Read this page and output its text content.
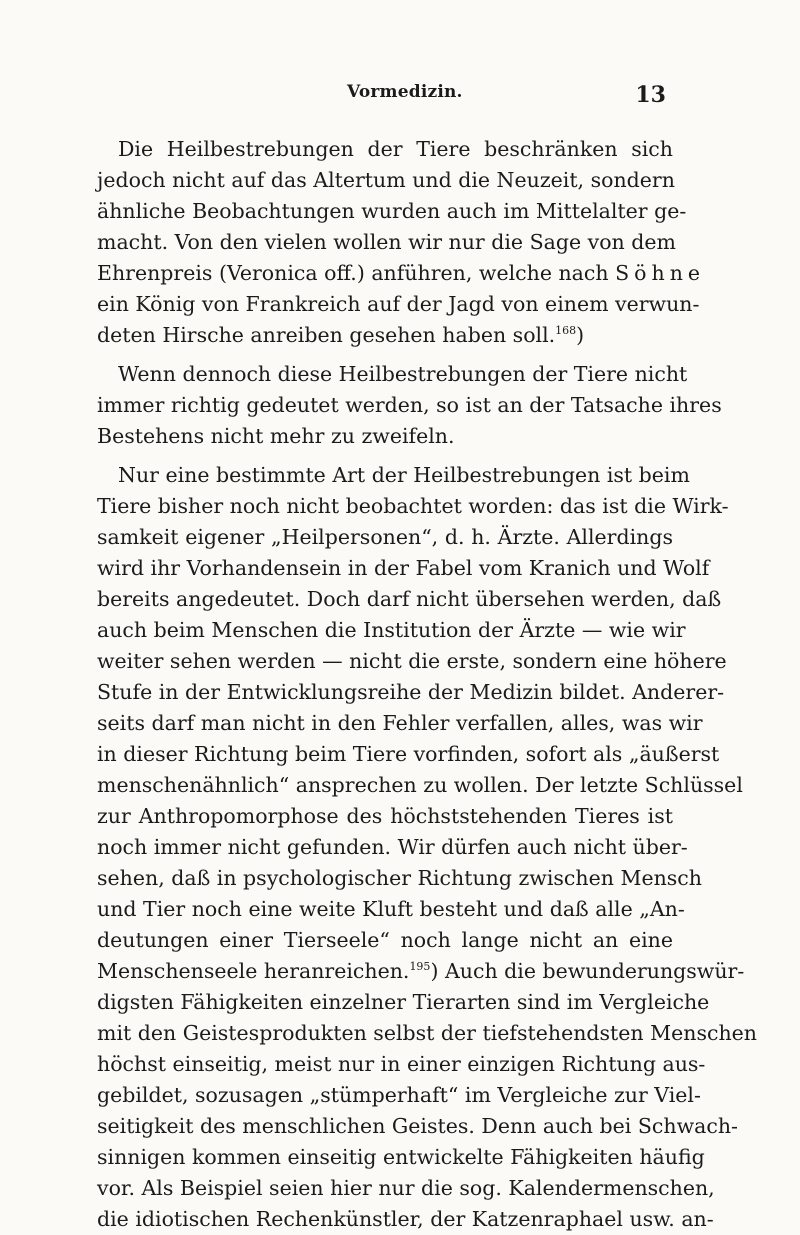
Vormedizin.	13
Die Heilbestrebungen der Tiere beschränken sich
jedoch nicht auf das Altertum und die Neuzeit, sondern
ähnliche Beobachtungen wurden auch im Mittelalter ge-
macht. Von den vielen wollen wir nur die Sage von dem
Ehrenpreis (Veronica off.) anführen, welche nach Söhne
ein König von Frankreich auf der Jagd von einem verwun-
deten Hirsche anreiben gesehen haben soll.$^{168}$)
Wenn dennoch diese Heilbestrebungen der Tiere nicht
immer richtig gedeutet werden, so ist an der Tatsache ihres
Bestehens nicht mehr zu zweifeln.
Nur eine bestimmte Art der Heilbestrebungen ist beim
Tiere bisher noch nicht beobachtet worden: das ist die Wirk-
samkeit eigener „Heilpersonen“, d. h. Ärzte. Allerdings
wird ihr Vorhandensein in der Fabel vom Kranich und Wolf
bereits angedeutet. Doch darf nicht übersehen werden, daß
auch beim Menschen die Institution der Ärzte — wie wir
weiter sehen werden — nicht die erste, sondern eine höhere
Stufe in der Entwicklungsreihe der Medizin bildet. Anderer-
seits darf man nicht in den Fehler verfallen, alles, was wir
in dieser Richtung beim Tiere vorfinden, sofort als „äußerst
menschenähnlich“ ansprechen zu wollen. Der letzte Schlüssel
zur Anthropomorphose des höchststehenden Tieres ist
noch immer nicht gefunden. Wir dürfen auch nicht über-
sehen, daß in psychologischer Richtung zwischen Mensch
und Tier noch eine weite Kluft besteht und daß alle „An-
deutungen einer Tierseele“ noch lange nicht an eine
Menschenseele heranreichen.$^{195}$) Auch die bewunderungswür-
digsten Fähigkeiten einzelner Tierarten sind im Vergleiche
mit den Geistesprodukten selbst der tiefstehendsten Menschen
höchst einseitig, meist nur in einer einzigen Richtung aus-
gebildet, sozusagen „stümperhaft“ im Vergleiche zur Viel-
seitigkeit des menschlichen Geistes. Denn auch bei Schwach-
sinnigen kommen einseitig entwickelte Fähigkeiten häufig
vor. Als Beispiel seien hier nur die sog. Kalendermenschen,
die idiotischen Rechenkünstler, der Katzenraphael usw. an-
